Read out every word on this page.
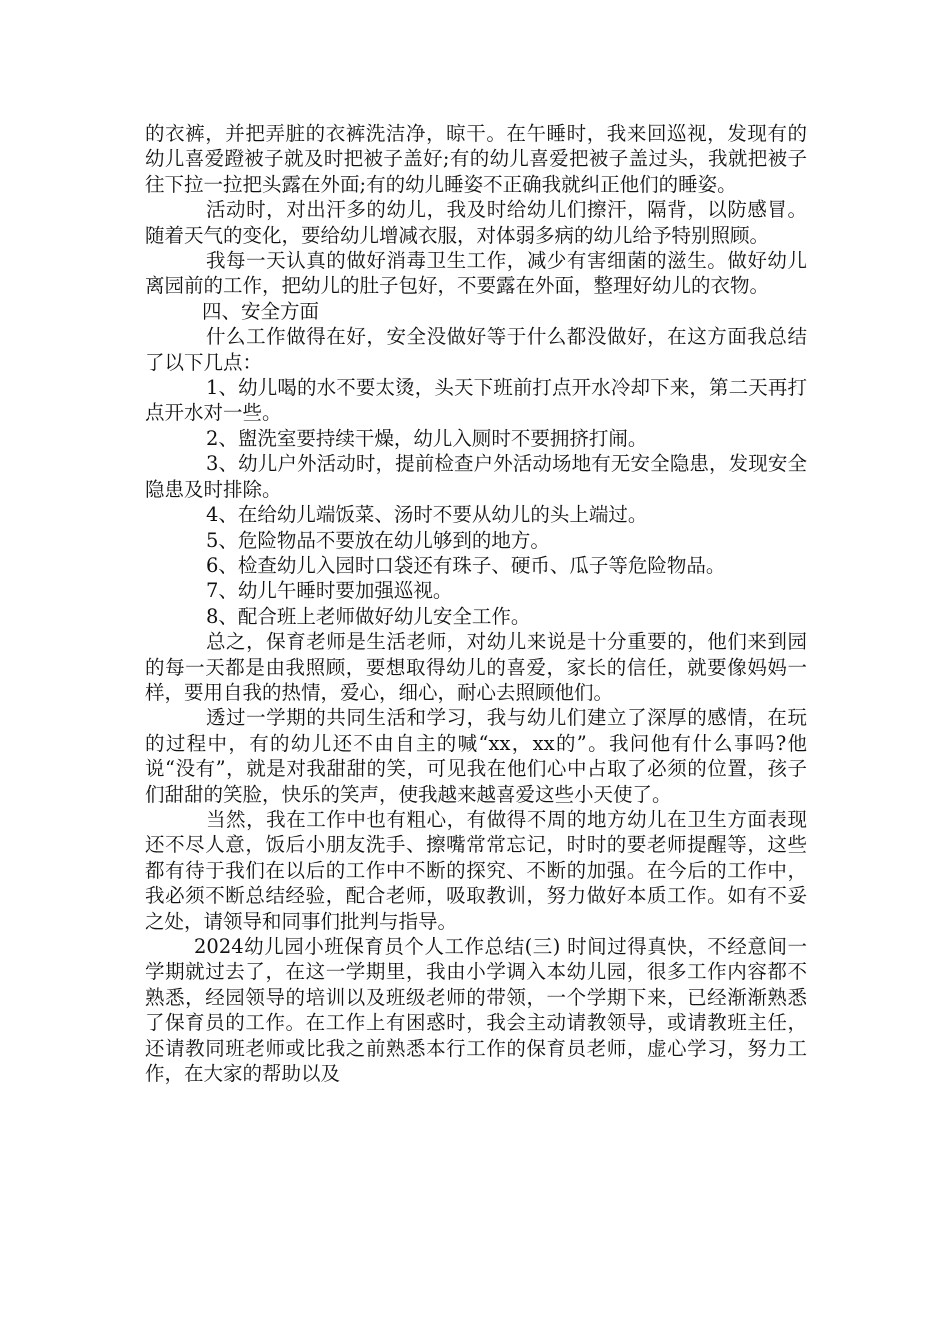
的衣裤，并把弄脏的衣裤洗洁净，晾干。在午睡时，我来回巡视，发现有的幼儿喜爱蹬被子就及时把被子盖好;有的幼儿喜爱把被子盖过头，我就把被子往下拉一拉把头露在外面;有的幼儿睡姿不正确我就纠正他们的睡姿。

活动时，对出汗多的幼儿，我及时给幼儿们擦汗，隔背，以防感冒。随着天气的变化，要给幼儿增减衣服，对体弱多病的幼儿给予特别照顾。

我每一天认真的做好消毒卫生工作，减少有害细菌的滋生。做好幼儿离园前的工作，把幼儿的肚子包好，不要露在外面，整理好幼儿的衣物。

四、安全方面

什么工作做得在好，安全没做好等于什么都没做好，在这方面我总结了以下几点：

1、幼儿喝的水不要太烫，头天下班前打点开水冷却下来，第二天再打点开水对一些。

2、盥洗室要持续干燥，幼儿入厕时不要拥挤打闹。

3、幼儿户外活动时，提前检查户外活动场地有无安全隐患，发现安全隐患及时排除。

4、在给幼儿端饭菜、汤时不要从幼儿的头上端过。

5、危险物品不要放在幼儿够到的地方。

6、检查幼儿入园时口袋还有珠子、硬币、瓜子等危险物品。

7、幼儿午睡时要加强巡视。

8、配合班上老师做好幼儿安全工作。

总之，保育老师是生活老师，对幼儿来说是十分重要的，他们来到园的每一天都是由我照顾，要想取得幼儿的喜爱，家长的信任，就要像妈妈一样，要用自我的热情，爱心，细心，耐心去照顾他们。

透过一学期的共同生活和学习，我与幼儿们建立了深厚的感情，在玩的过程中，有的幼儿还不由自主的喊“xx，xx的”。我问他有什么事吗?他说“没有”，就是对我甜甜的笑，可见我在他们心中占取了必须的位置，孩子们甜甜的笑脸，快乐的笑声，使我越来越喜爱这些小天使了。

当然，我在工作中也有粗心，有做得不周的地方幼儿在卫生方面表现还不尽人意，饭后小朋友洗手、擦嘴常常忘记，时时的要老师提醒等，这些都有待于我们在以后的工作中不断的探究、不断的加强。在今后的工作中，我必须不断总结经验，配合老师，吸取教训，努力做好本质工作。如有不妥之处，请领导和同事们批判与指导。

2024幼儿园小班保育员个人工作总结(三) 时间过得真快，不经意间一学期就过去了，在这一学期里，我由小学调入本幼儿园，很多工作内容都不熟悉，经园领导的培训以及班级老师的带领，一个学期下来，已经渐渐熟悉了保育员的工作。在工作上有困惑时，我会主动请教领导，或请教班主任，还请教同班老师或比我之前熟悉本行工作的保育员老师，虚心学习，努力工作，在大家的帮助以及
